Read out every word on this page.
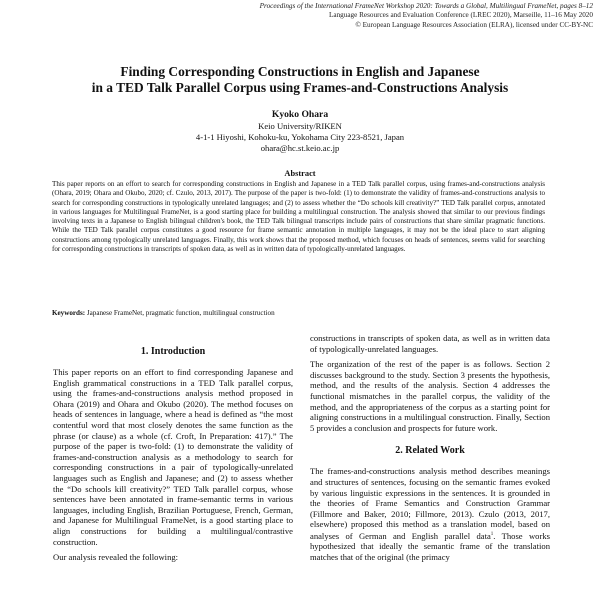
Proceedings of the International FrameNet Workshop 2020: Towards a Global, Multilingual FrameNet, pages 8–12
Language Resources and Evaluation Conference (LREC 2020), Marseille, 11–16 May 2020
© European Language Resources Association (ELRA), licensed under CC-BY-NC
Finding Corresponding Constructions in English and Japanese
in a TED Talk Parallel Corpus using Frames-and-Constructions Analysis
Kyoko Ohara
Keio University/RIKEN
4-1-1 Hiyoshi, Kohoku-ku, Yokohama City 223-8521, Japan
ohara@hc.st.keio.ac.jp
Abstract
This paper reports on an effort to search for corresponding constructions in English and Japanese in a TED Talk parallel corpus, using frames-and-constructions analysis (Ohara, 2019; Ohara and Okubo, 2020; cf. Czulo, 2013, 2017). The purpose of the paper is two-fold: (1) to demonstrate the validity of frames-and-constructions analysis to search for corresponding constructions in typologically unrelated languages; and (2) to assess whether the “Do schools kill creativity?” TED Talk parallel corpus, annotated in various languages for Multilingual FrameNet, is a good starting place for building a multilingual construction. The analysis showed that similar to our previous findings involving texts in a Japanese to English bilingual children's book, the TED Talk bilingual transcripts include pairs of constructions that share similar pragmatic functions. While the TED Talk parallel corpus constitutes a good resource for frame semantic annotation in multiple languages, it may not be the ideal place to start aligning constructions among typologically unrelated languages. Finally, this work shows that the proposed method, which focuses on heads of sentences, seems valid for searching for corresponding constructions in transcripts of spoken data, as well as in written data of typologically-unrelated languages.
Keywords: Japanese FrameNet, pragmatic function, multilingual construction
1. Introduction

This paper reports on an effort to find corresponding Japanese and English grammatical constructions in a TED Talk parallel corpus, using the frames-and-constructions analysis method proposed in Ohara (2019) and Ohara and Okubo (2020). The method focuses on heads of sentences in language, where a head is defined as “the most contentful word that most closely denotes the same function as the phrase (or clause) as a whole (cf. Croft, In Preparation: 417).” The purpose of the paper is two-fold: (1) to demonstrate the validity of frames-and-construction analysis as a methodology to search for corresponding constructions in a pair of typologically-unrelated languages such as English and Japanese; and (2) to assess whether the “Do schools kill creativity?” TED Talk parallel corpus, whose sentences have been annotated in frame-semantic terms in various languages, including English, Brazilian Portuguese, French, German, and Japanese for Multilingual FrameNet, is a good starting place to align constructions for building a multilingual/contrastive construction.

Our analysis revealed the following:

constructions in transcripts of spoken data, as well as in written data of typologically-unrelated languages.

The organization of the rest of the paper is as follows. Section 2 discusses background to the study. Section 3 presents the hypothesis, method, and the results of the analysis. Section 4 addresses the functional mismatches in the parallel corpus, the validity of the method, and the appropriateness of the corpus as a starting point for aligning constructions in a multilingual construction. Finally, Section 5 provides a conclusion and prospects for future work.

2. Related Work

The frames-and-constructions analysis method describes meanings and structures of sentences, focusing on the semantic frames evoked by various linguistic expressions in the sentences. It is grounded in the theories of Frame Semantics and Construction Grammar (Fillmore and Baker, 2010; Fillmore, 2013). Czulo (2013, 2017, elsewhere) proposed this method as a translation model, based on analyses of German and English parallel data$^1$. Those works hypothesized that ideally the semantic frame of the translation matches that of the original (the primacy
